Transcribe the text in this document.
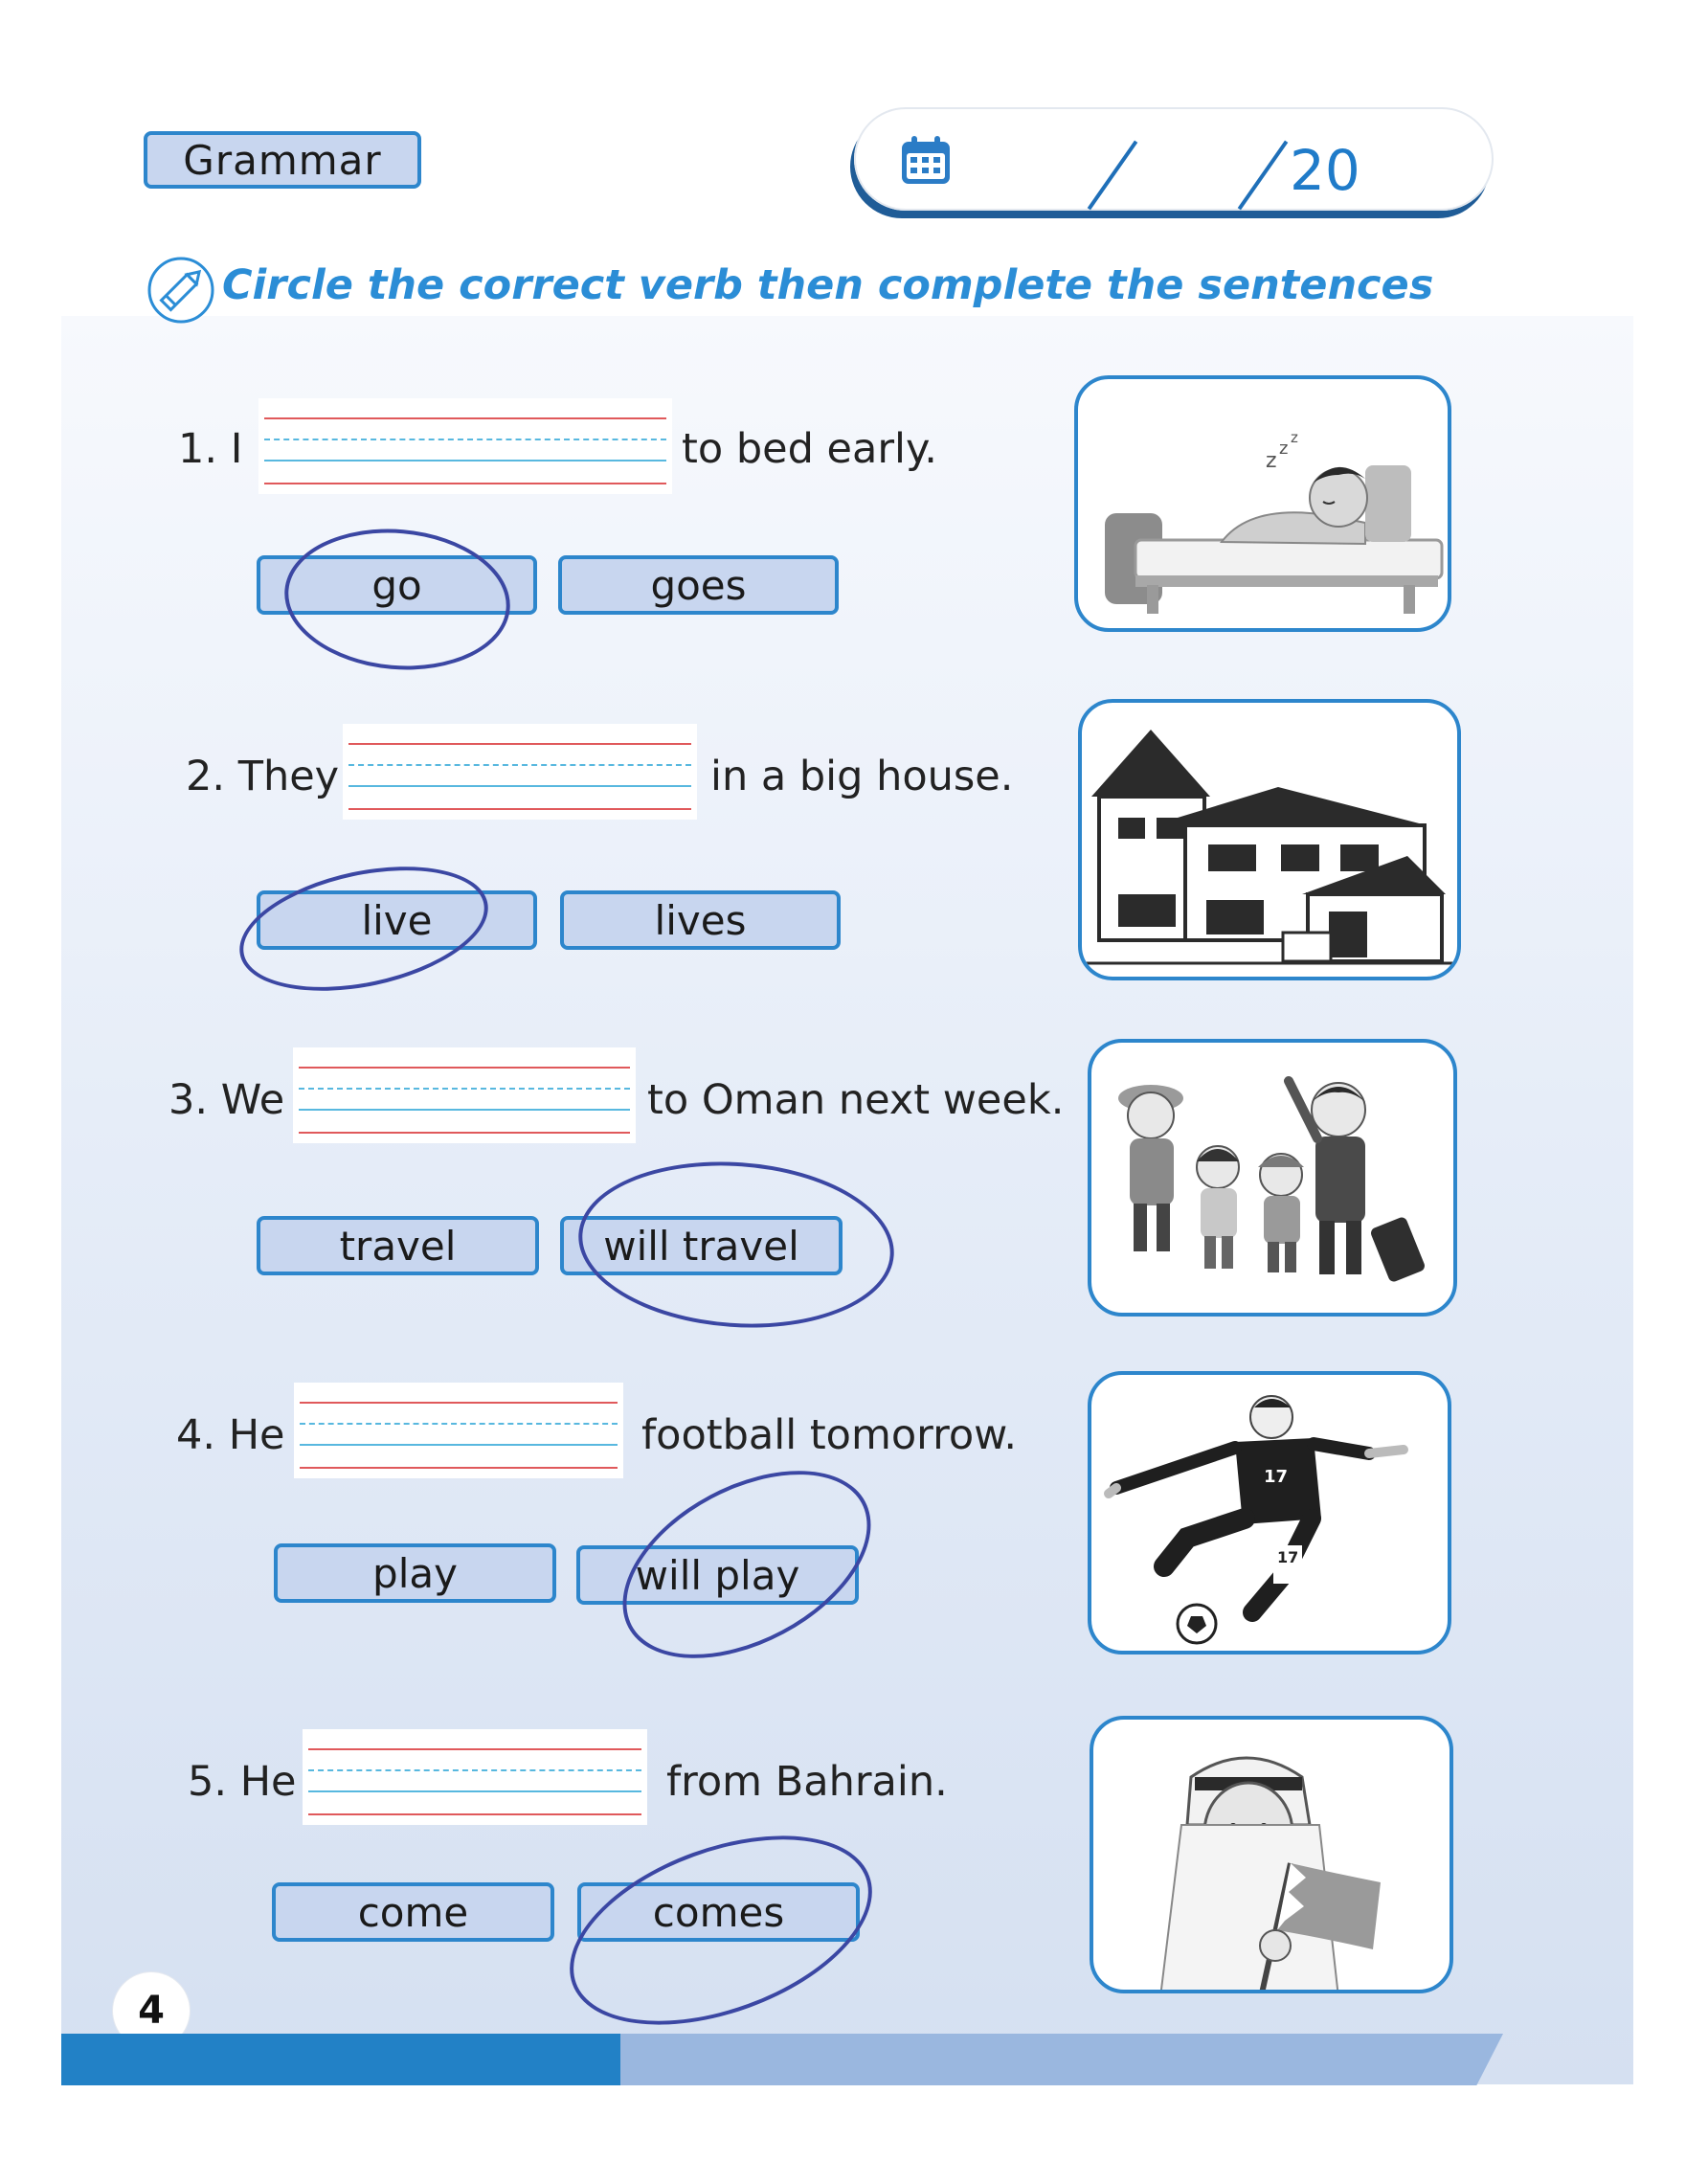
Grammar	20
Circle the correct verb then complete the sentences
1. I	to bed early.
go	goes
z
z
z
2. They	in a big house.
live	lives
3. We	to Oman next week.
travel	will travel
4. He	football tomorrow.
play	will play
17
17
5. He	from Bahrain.
come	comes
4
